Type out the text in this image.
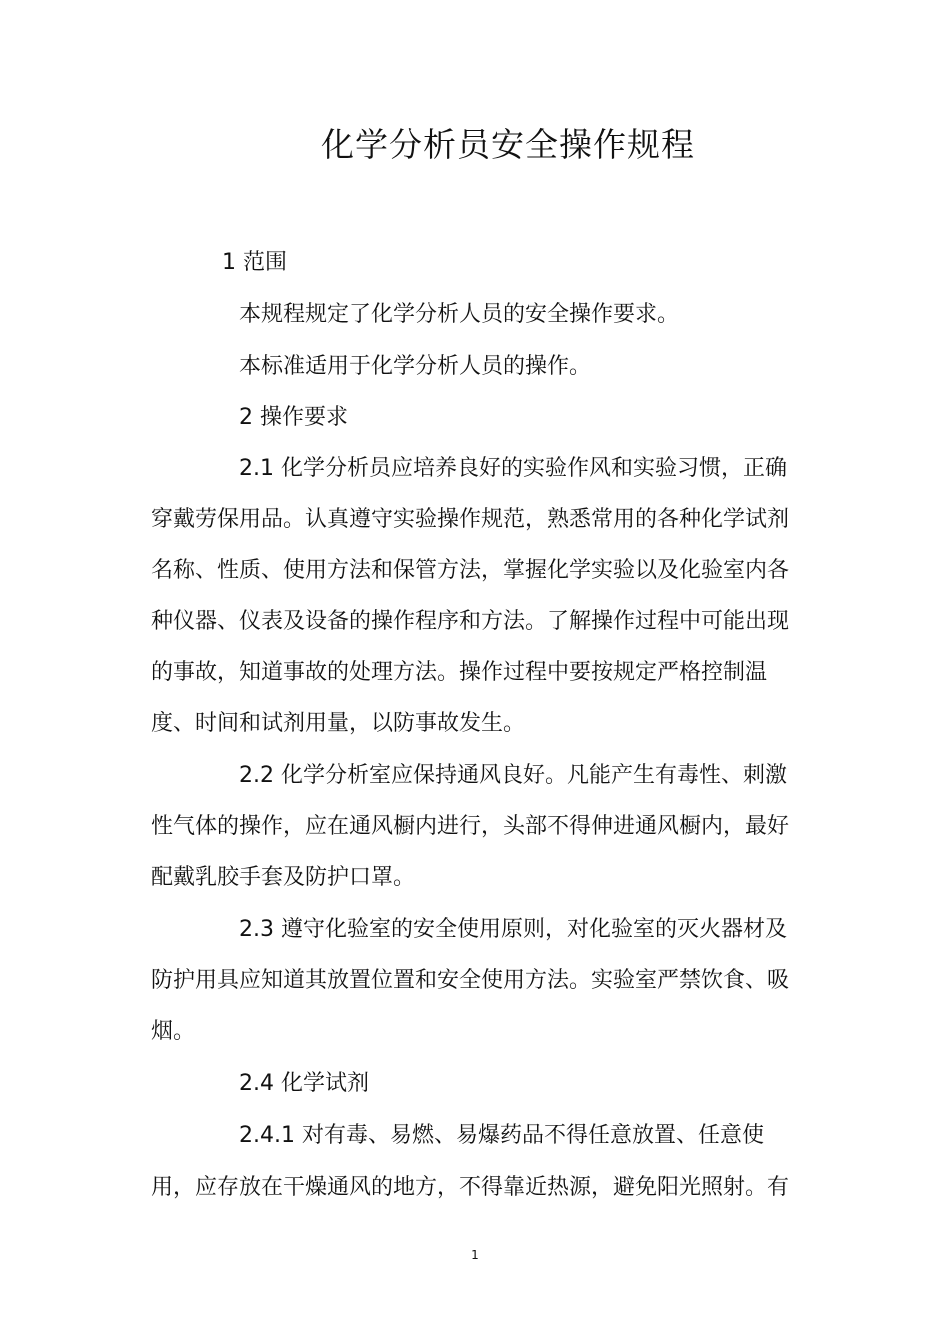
化学分析员安全操作规程
1 范围
本规程规定了化学分析人员的安全操作要求。
本标准适用于化学分析人员的操作。
2 操作要求
2.1 化学分析员应培养良好的实验作风和实验习惯，正确
穿戴劳保用品。认真遵守实验操作规范，熟悉常用的各种化学试剂
名称、性质、使用方法和保管方法，掌握化学实验以及化验室内各
种仪器、仪表及设备的操作程序和方法。了解操作过程中可能出现
的事故，知道事故的处理方法。操作过程中要按规定严格控制温
度、时间和试剂用量，以防事故发生。
2.2 化学分析室应保持通风良好。凡能产生有毒性、刺激
性气体的操作，应在通风橱内进行，头部不得伸进通风橱内，最好
配戴乳胶手套及防护口罩。
2.3 遵守化验室的安全使用原则，对化验室的灭火器材及
防护用具应知道其放置位置和安全使用方法。实验室严禁饮食、吸
烟。
2.4 化学试剂
2.4.1 对有毒、易燃、易爆药品不得任意放置、任意使
用，应存放在干燥通风的地方，不得靠近热源，避免阳光照射。有
1
